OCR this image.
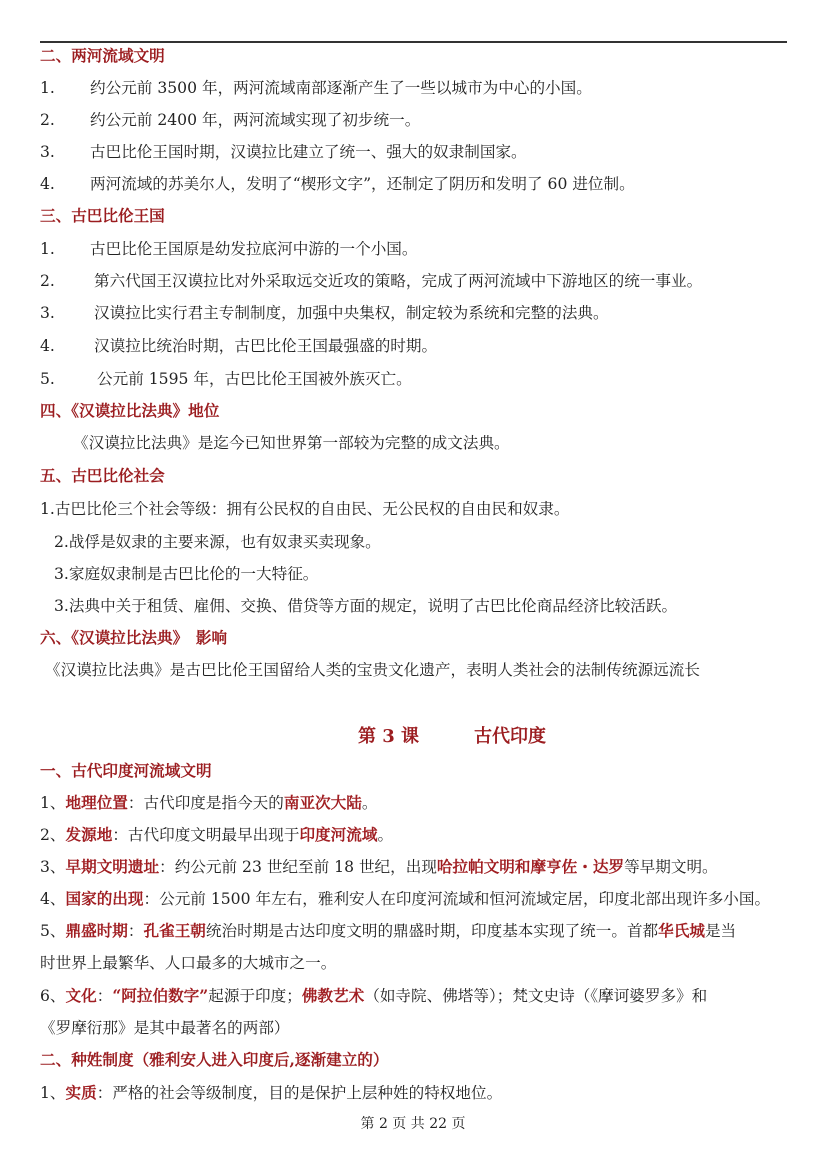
二、两河流域文明
1. 约公元前 3500 年，两河流域南部逐渐产生了一些以城市为中心的小国。
2. 约公元前 2400 年，两河流域实现了初步统一。
3. 古巴比伦王国时期，汉谟拉比建立了统一、强大的奴隶制国家。
4. 两河流域的苏美尔人，发明了“楔形文字”，还制定了阴历和发明了 60 进位制。
三、古巴比伦王国
1. 古巴比伦王国原是幼发拉底河中游的一个小国。
2.	第六代国王汉谟拉比对外采取远交近攻的策略，完成了两河流域中下游地区的统一事业。
3.	汉谟拉比实行君主专制制度，加强中央集权，制定较为系统和完整的法典。
4.	汉谟拉比统治时期，古巴比伦王国最强盛的时期。
5.	公元前 1595 年，古巴比伦王国被外族灭亡。
四、《汉谟拉比法典》地位
《汉谟拉比法典》是迄今已知世界第一部较为完整的成文法典。
五、古巴比伦社会
1.古巴比伦三个社会等级：拥有公民权的自由民、无公民权的自由民和奴隶。
2.战俘是奴隶的主要来源，也有奴隶买卖现象。
3.家庭奴隶制是古巴比伦的一大特征。
3.法典中关于租赁、雇佣、交换、借贷等方面的规定，说明了古巴比伦商品经济比较活跃。
六、《汉谟拉比法典》　影响
《汉谟拉比法典》是古巴比伦王国留给人类的宝贵文化遗产，表明人类社会的法制传统源远流长
一、古代印度河流域文明
1、地理位置：古代印度是指今天的南亚次大陆。
2、发源地：古代印度文明最早出现于印度河流域。
3、早期文明遗址：约公元前 23 世纪至前 18 世纪，出现哈拉帕文明和摩亨佐・达罗等早期文明。
4、国家的出现：公元前 1500 年左右，雅利安人在印度河流域和恒河流域定居，印度北部出现许多小国。
5、鼎盛时期：孔雀王朝统治时期是古达印度文明的鼎盛时期，印度基本实现了统一。首都华氏城是当
时世界上最繁华、人口最多的大城市之一。
6、文化：“阿拉伯数字”起源于印度；佛教艺术（如寺院、佛塔等）；梵文史诗（《摩诃婆罗多》和
《罗摩衍那》是其中最著名的两部）
二、种姓制度（雅利安人进入印度后,逐渐建立的）
1、实质：严格的社会等级制度，目的是保护上层种姓的特权地位。
第 3 课	古代印度
第 2 页 共 22 页
